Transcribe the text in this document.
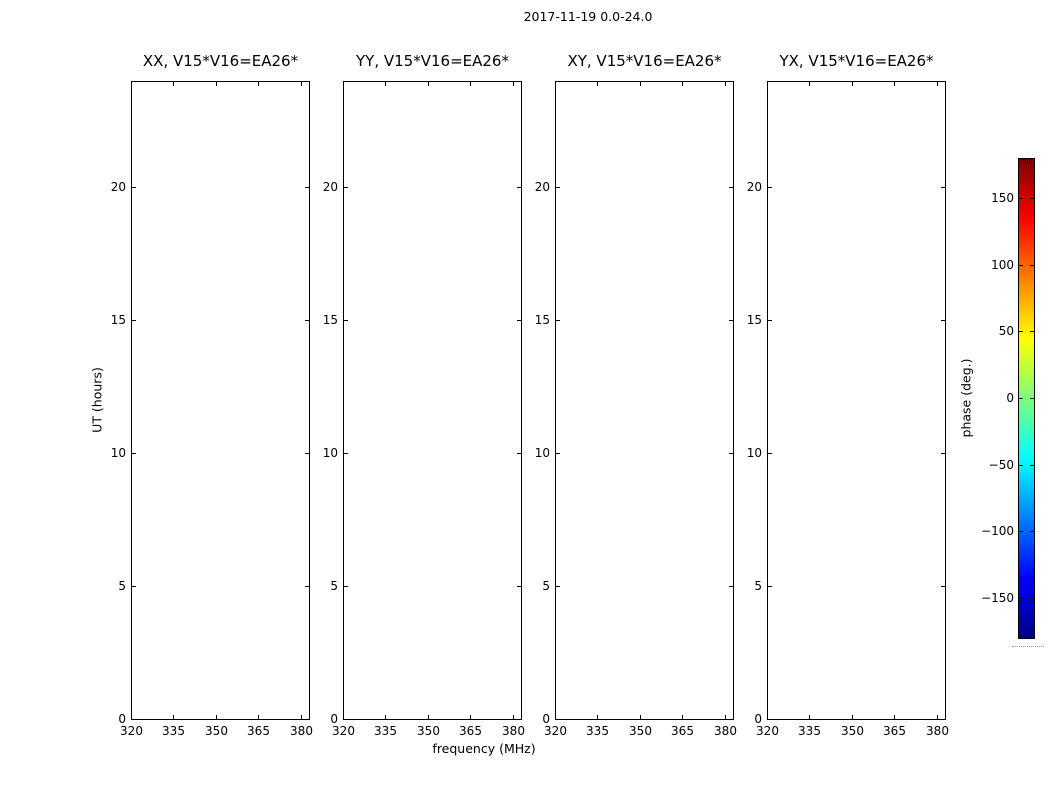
2017-11-19 0.0-24.0
frequency (MHz)
UT (hours)	phase (deg.)
XX, V15*V16=EA26*
320	335	350	365	380
0
5
10
15
20
YY, V15*V16=EA26*
320	335	350	365	380
0
5
10
15
20
XY, V15*V16=EA26*
320	335	350	365	380
0
5
10
15
20
YX, V15*V16=EA26*
320	335	350	365	380
0
5
10
15
20
150
100
50
0
−50
−100
−150
